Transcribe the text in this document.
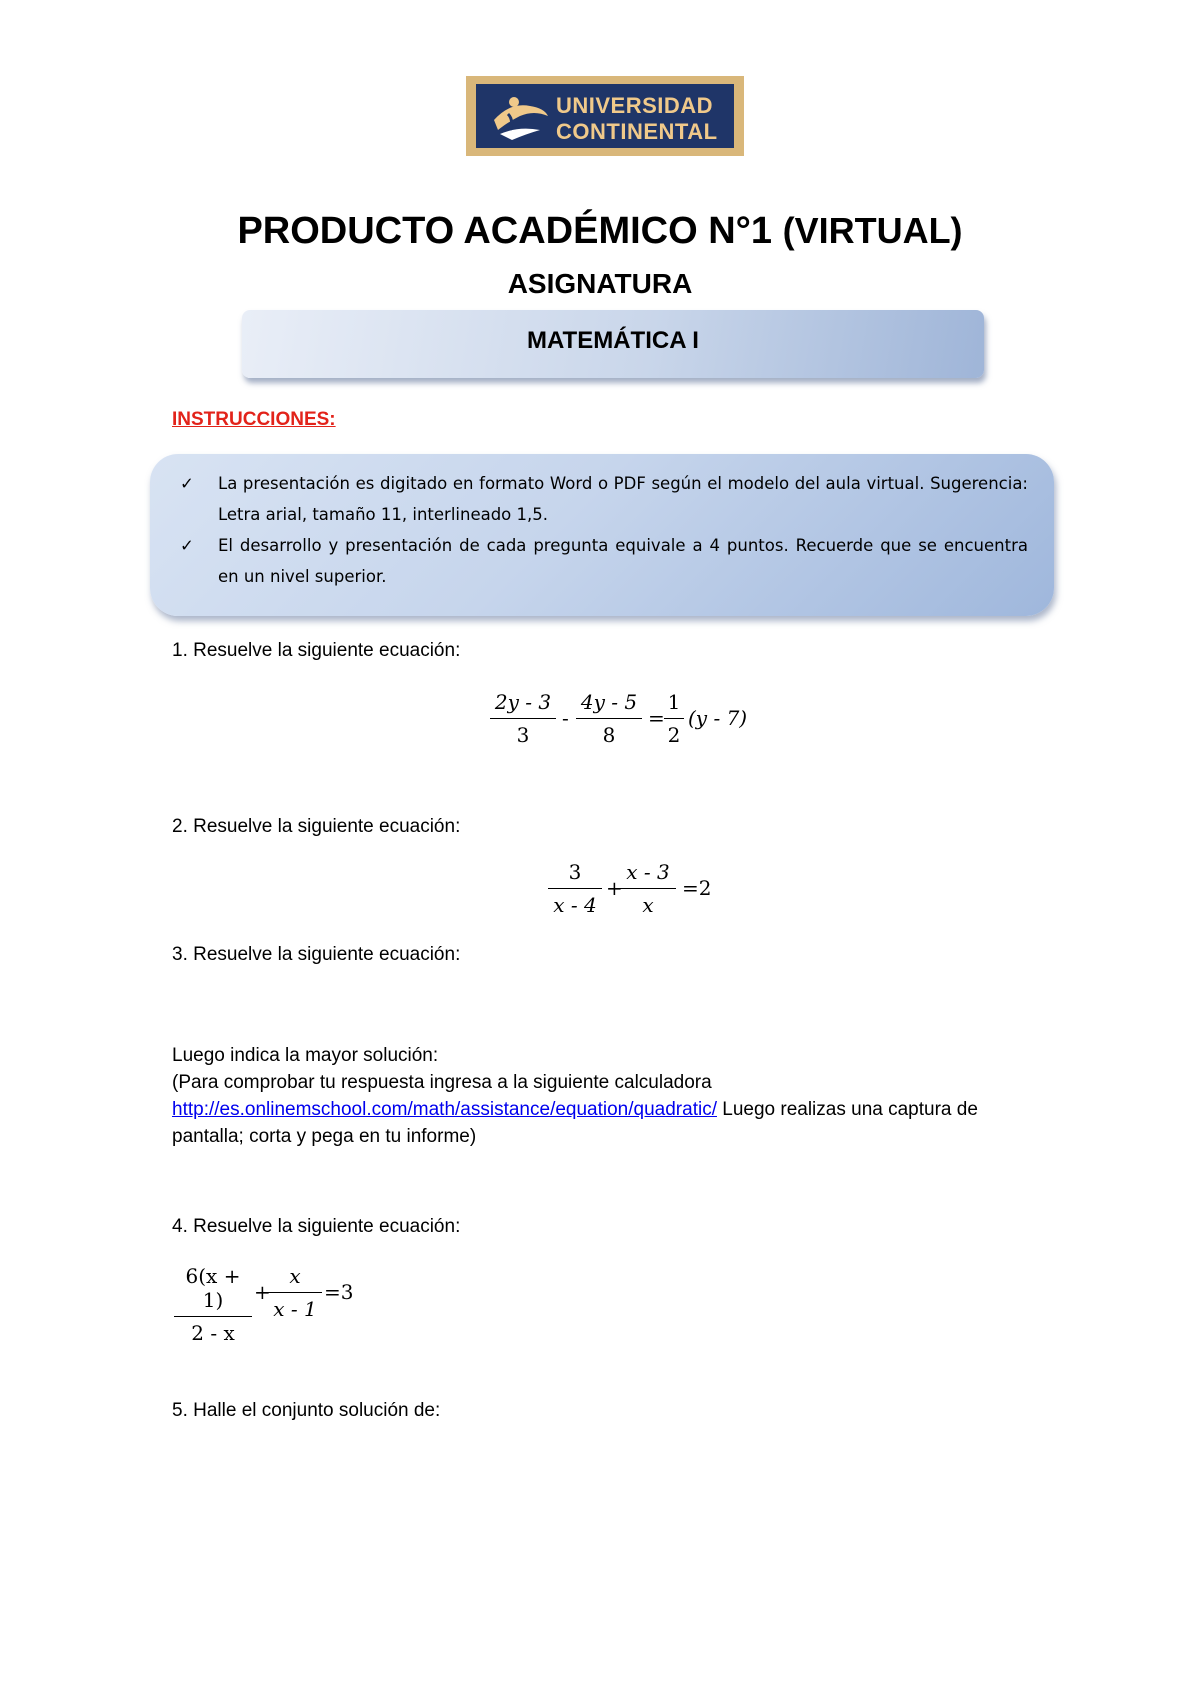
UNIVERSIDAD
CONTINENTAL
PRODUCTO ACADÉMICO N°1 (VIRTUAL)
ASIGNATURA
MATEMÁTICA I
INSTRUCCIONES:
✓ La presentación es digitado en formato Word o PDF según el modelo del aula virtual. Sugerencia: Letra arial, tamaño 11, interlineado 1,5.
✓ El desarrollo y presentación de cada pregunta equivale a 4 puntos. Recuerde que se encuentra en un nivel superior.
1. Resuelve la siguiente ecuación:
$\frac{2y - 3}{3} - \frac{4y - 5}{8} = \frac{1}{2} (y - 7)$
2. Resuelve la siguiente ecuación:
$\frac{3}{x - 4}$ +
$\frac{x - 3}{x} =2$
3. Resuelve la siguiente ecuación:
Luego indica la mayor solución:
(Para comprobar tu respuesta ingresa a la siguiente calculadora
http://es.onlinemschool.com/math/assistance/equation/quadratic/ Luego realizas una captura de pantalla; corta y pega en tu informe)
4. Resuelve la siguiente ecuación:
$\frac{6(x + 1)}{2 - x}$ +
$\frac{x}{x - 1} =3$
5. Halle el conjunto solución de:
